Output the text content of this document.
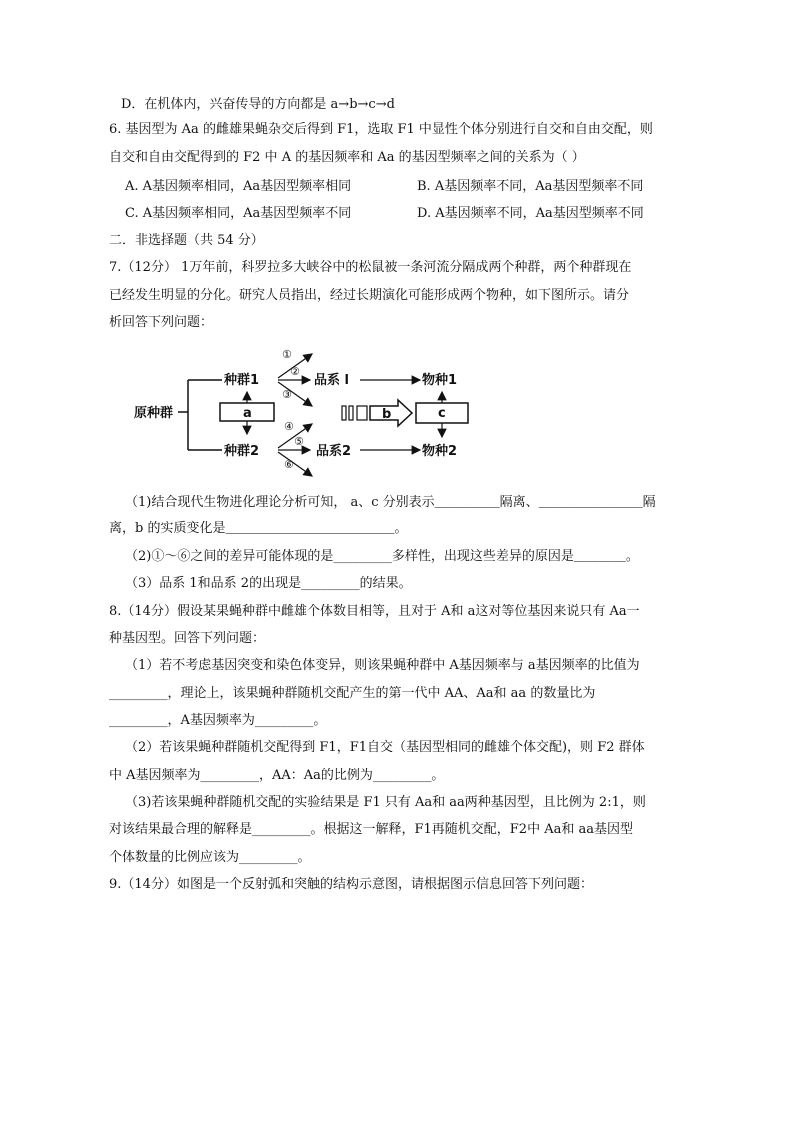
D．在机体内，兴奋传导的方向都是 a→b→c→d
6. 基因型为 Aa 的雌雄果蝇杂交后得到 F1，选取 F1 中显性个体分别进行自交和自由交配，则
自交和自由交配得到的 F2 中 A 的基因频率和 Aa 的基因型频率之间的关系为（ ）
A. A基因频率相同，Aa基因型频率相同	B. A基因频率不同，Aa基因型频率不同
C. A基因频率相同，Aa基因型频率不同	D. A基因频率不同，Aa基因型频率不同
二．非选择题（共 54 分）
7.（12分） 1万年前，科罗拉多大峡谷中的松鼠被一条河流分隔成两个种群，两个种群现在
已经发生明显的分化。研究人员指出，经过长期演化可能形成两个物种，如下图所示。请分
析回答下列问题：
原种群
种群1
种群2
a
①
②
③
品系 l	物种1
④
⑤
⑥
品系2	物种2
b	c
（1)结合现代生物进化理论分析可知， a、c 分别表示＿＿＿＿＿隔离、＿＿＿＿＿＿＿＿隔
离，b 的实质变化是＿＿＿＿＿＿＿＿＿＿＿＿＿。
（2)①～⑥之间的差异可能体现的是_________多样性，出现这些差异的原因是＿＿＿＿。
（3）品系 1和品系 2的出现是_________的结果。
8.（14分）假设某果蝇种群中雌雄个体数目相等，且对于 A和 a这对等位基因来说只有 Aa一
种基因型。回答下列问题：
（1）若不考虑基因突变和染色体变异，则该果蝇种群中 A基因频率与 a基因频率的比值为
_________，理论上，该果蝇种群随机交配产生的第一代中 AA、Aa和 aa 的数量比为
_________，A基因频率为_________。
（2）若该果蝇种群随机交配得到 F1，F1自交（基因型相同的雌雄个体交配)，则 F2 群体
中 A基因频率为_________，AA：Aa的比例为_________。
（3)若该果蝇种群随机交配的实验结果是 F1 只有 Aa和 aa两种基因型，且比例为 2:1，则
对该结果最合理的解释是_________。根据这一解释，F1再随机交配，F2中 Aa和 aa基因型
个体数量的比例应该为_________。
9.（14分）如图是一个反射弧和突触的结构示意图，请根据图示信息回答下列问题：
